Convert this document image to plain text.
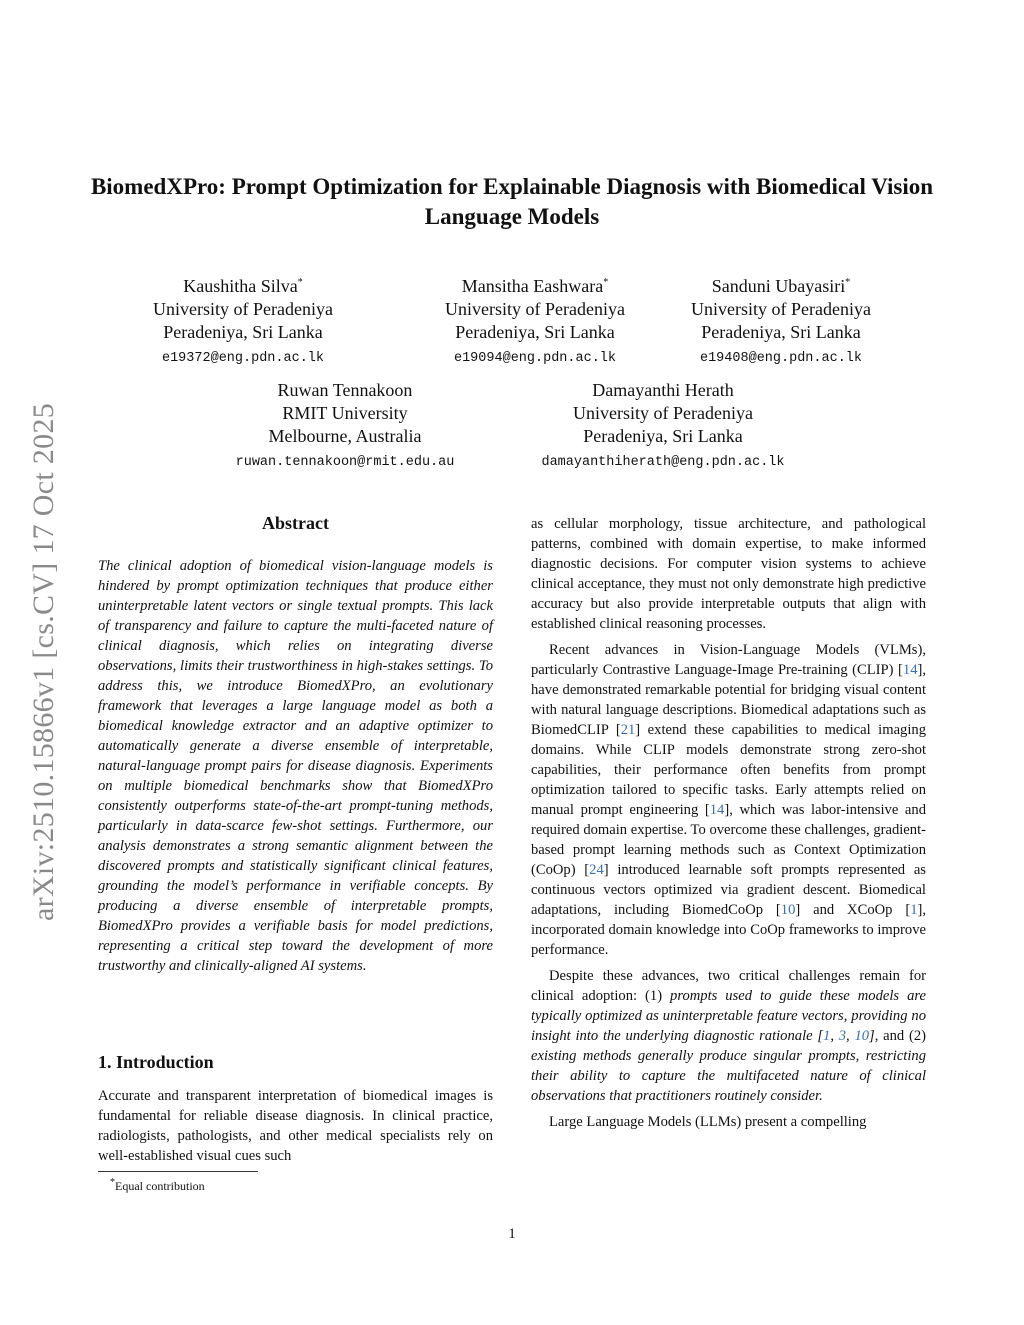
arXiv:2510.15866v1 [cs.CV] 17 Oct 2025
BiomedXPro: Prompt Optimization for Explainable Diagnosis with Biomedical Vision Language Models
Kaushitha Silva*
University of Peradeniya
Peradeniya, Sri Lanka
e19372@eng.pdn.ac.lk
Mansitha Eashwara*
University of Peradeniya
Peradeniya, Sri Lanka
e19094@eng.pdn.ac.lk
Sanduni Ubayasiri*
University of Peradeniya
Peradeniya, Sri Lanka
e19408@eng.pdn.ac.lk
Ruwan Tennakoon
RMIT University
Melbourne, Australia
ruwan.tennakoon@rmit.edu.au
Damayanthi Herath
University of Peradeniya
Peradeniya, Sri Lanka
damayanthiherath@eng.pdn.ac.lk
Abstract

The clinical adoption of biomedical vision-language models is hindered by prompt optimization techniques that produce either uninterpretable latent vectors or single textual prompts. This lack of transparency and failure to capture the multi-faceted nature of clinical diagnosis, which relies on integrating diverse observations, limits their trustworthiness in high-stakes settings. To address this, we introduce BiomedXPro, an evolutionary framework that leverages a large language model as both a biomedical knowledge extractor and an adaptive optimizer to automatically generate a diverse ensemble of interpretable, natural-language prompt pairs for disease diagnosis. Experiments on multiple biomedical benchmarks show that BiomedXPro consistently outperforms state-of-the-art prompt-tuning methods, particularly in data-scarce few-shot settings. Furthermore, our analysis demonstrates a strong semantic alignment between the discovered prompts and statistically significant clinical features, grounding the model’s performance in verifiable concepts. By producing a diverse ensemble of interpretable prompts, BiomedXPro provides a verifiable basis for model predictions, representing a critical step toward the development of more trustworthy and clinically-aligned AI systems.

1. Introduction

Accurate and transparent interpretation of biomedical images is fundamental for reliable disease diagnosis. In clinical practice, radiologists, pathologists, and other medical specialists rely on well-established visual cues such

as cellular morphology, tissue architecture, and pathological patterns, combined with domain expertise, to make informed diagnostic decisions. For computer vision systems to achieve clinical acceptance, they must not only demonstrate high predictive accuracy but also provide interpretable outputs that align with established clinical reasoning processes.

Recent advances in Vision-Language Models (VLMs), particularly Contrastive Language-Image Pre-training (CLIP) [14], have demonstrated remarkable potential for bridging visual content with natural language descriptions. Biomedical adaptations such as BiomedCLIP [21] extend these capabilities to medical imaging domains. While CLIP models demonstrate strong zero-shot capabilities, their performance often benefits from prompt optimization tailored to specific tasks. Early attempts relied on manual prompt engineering [14], which was labor-intensive and required domain expertise. To overcome these challenges, gradient-based prompt learning methods such as Context Optimization (CoOp) [24] introduced learnable soft prompts represented as continuous vectors optimized via gradient descent. Biomedical adaptations, including BiomedCoOp [10] and XCoOp [1], incorporated domain knowledge into CoOp frameworks to improve performance.

Despite these advances, two critical challenges remain for clinical adoption: (1) prompts used to guide these models are typically optimized as uninterpretable feature vectors, providing no insight into the underlying diagnostic rationale [1, 3, 10], and (2) existing methods generally produce singular prompts, restricting their ability to capture the multifaceted nature of clinical observations that practitioners routinely consider.

Large Language Models (LLMs) present a compelling

*Equal contribution
1
